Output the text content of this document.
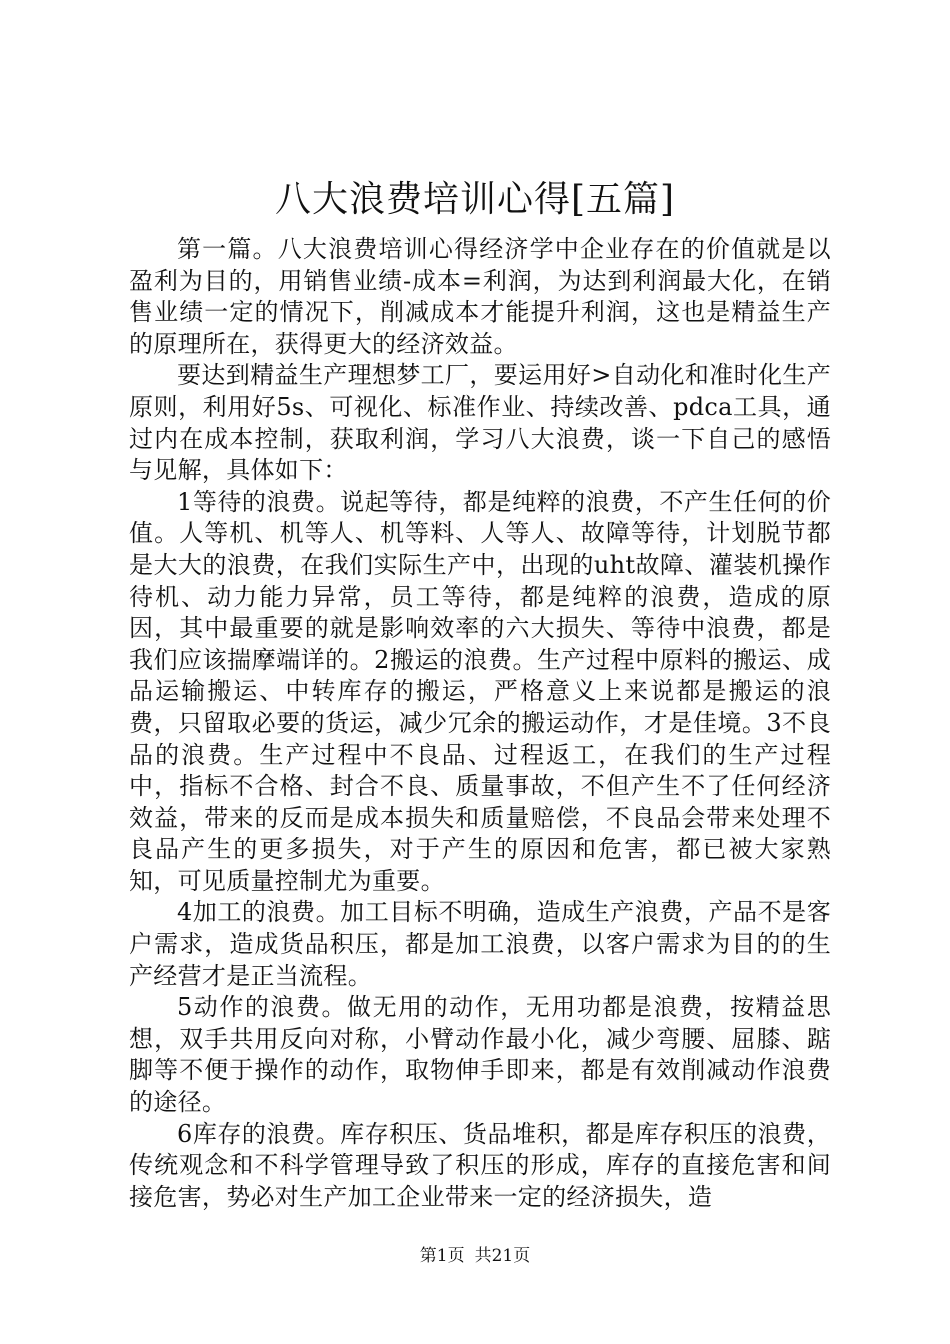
八大浪费培训心得[五篇]

第一篇。八大浪费培训心得经济学中企业存在的价值就是以盈利为目的，用销售业绩-成本=利润，为达到利润最大化，在销售业绩一定的情况下，削减成本才能提升利润，这也是精益生产的原理所在，获得更大的经济效益。

要达到精益生产理想梦工厂，要运用好>自动化和准时化生产原则，利用好5s、可视化、标准作业、持续改善、pdca工具，通过内在成本控制，获取利润，学习八大浪费，谈一下自己的感悟与见解，具体如下：

1等待的浪费。说起等待，都是纯粹的浪费，不产生任何的价值。人等机、机等人、机等料、人等人、故障等待，计划脱节都是大大的浪费，在我们实际生产中，出现的uht故障、灌装机操作待机、动力能力异常，员工等待，都是纯粹的浪费，造成的原因，其中最重要的就是影响效率的六大损失、等待中浪费，都是我们应该揣摩端详的。2搬运的浪费。生产过程中原料的搬运、成品运输搬运、中转库存的搬运，严格意义上来说都是搬运的浪费，只留取必要的货运，减少冗余的搬运动作，才是佳境。3不良品的浪费。生产过程中不良品、过程返工，在我们的生产过程中，指标不合格、封合不良、质量事故，不但产生不了任何经济效益，带来的反而是成本损失和质量赔偿，不良品会带来处理不良品产生的更多损失，对于产生的原因和危害，都已被大家熟知，可见质量控制尤为重要。

4加工的浪费。加工目标不明确，造成生产浪费，产品不是客户需求，造成货品积压，都是加工浪费，以客户需求为目的的生产经营才是正当流程。

5动作的浪费。做无用的动作，无用功都是浪费，按精益思想，双手共用反向对称，小臂动作最小化，减少弯腰、屈膝、踮脚等不便于操作的动作，取物伸手即来，都是有效削减动作浪费的途径。

6库存的浪费。库存积压、货品堆积，都是库存积压的浪费，传统观念和不科学管理导致了积压的形成，库存的直接危害和间接危害，势必对生产加工企业带来一定的经济损失，造

第1页 共21页
